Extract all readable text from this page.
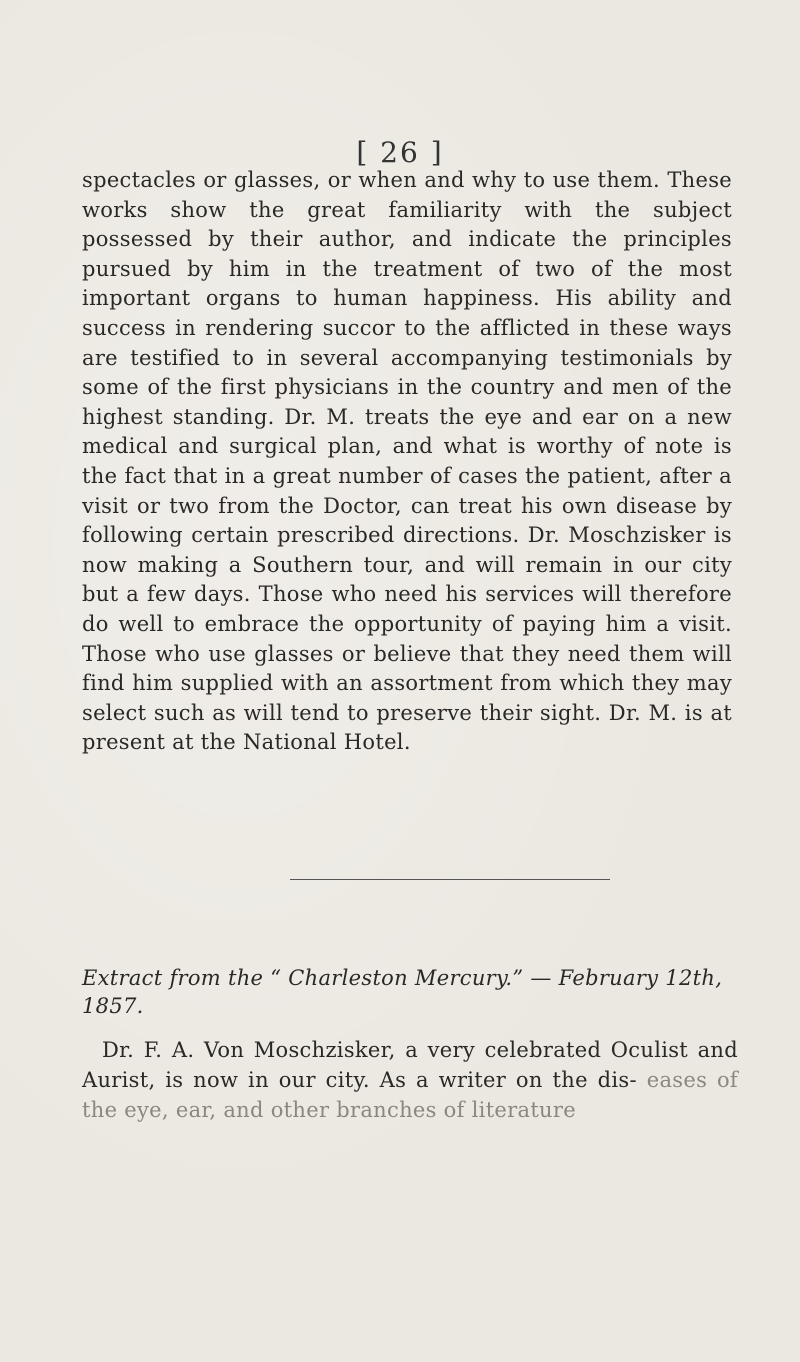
[ 26 ]

spectacles or glasses, or when and why to use them. These works show the great familiarity with the subject possessed by their author, and indicate the principles pursued by him in the treatment of two of the most important organs to human happiness. His ability and success in rendering succor to the afflicted in these ways are testified to in several accompanying testimonials by some of the first physicians in the country and men of the highest standing. Dr. M. treats the eye and ear on a new medical and surgical plan, and what is worthy of note is the fact that in a great number of cases the patient, after a visit or two from the Doctor, can treat his own disease by following certain prescribed directions. Dr. Moschzisker is now making a Southern tour, and will remain in our city but a few days. Those who need his services will therefore do well to embrace the opportunity of paying him a visit. Those who use glasses or believe that they need them will find him supplied with an assortment from which they may select such as will tend to preserve their sight. Dr. M. is at present at the National Hotel.

Extract from the “ Charleston Mercury.” — February 12th, 1857.

Dr. F. A. Von Moschzisker, a very celebrated Oculist and Aurist, is now in our city. As a writer on the dis- eases of the eye, ear, and other branches of literature
